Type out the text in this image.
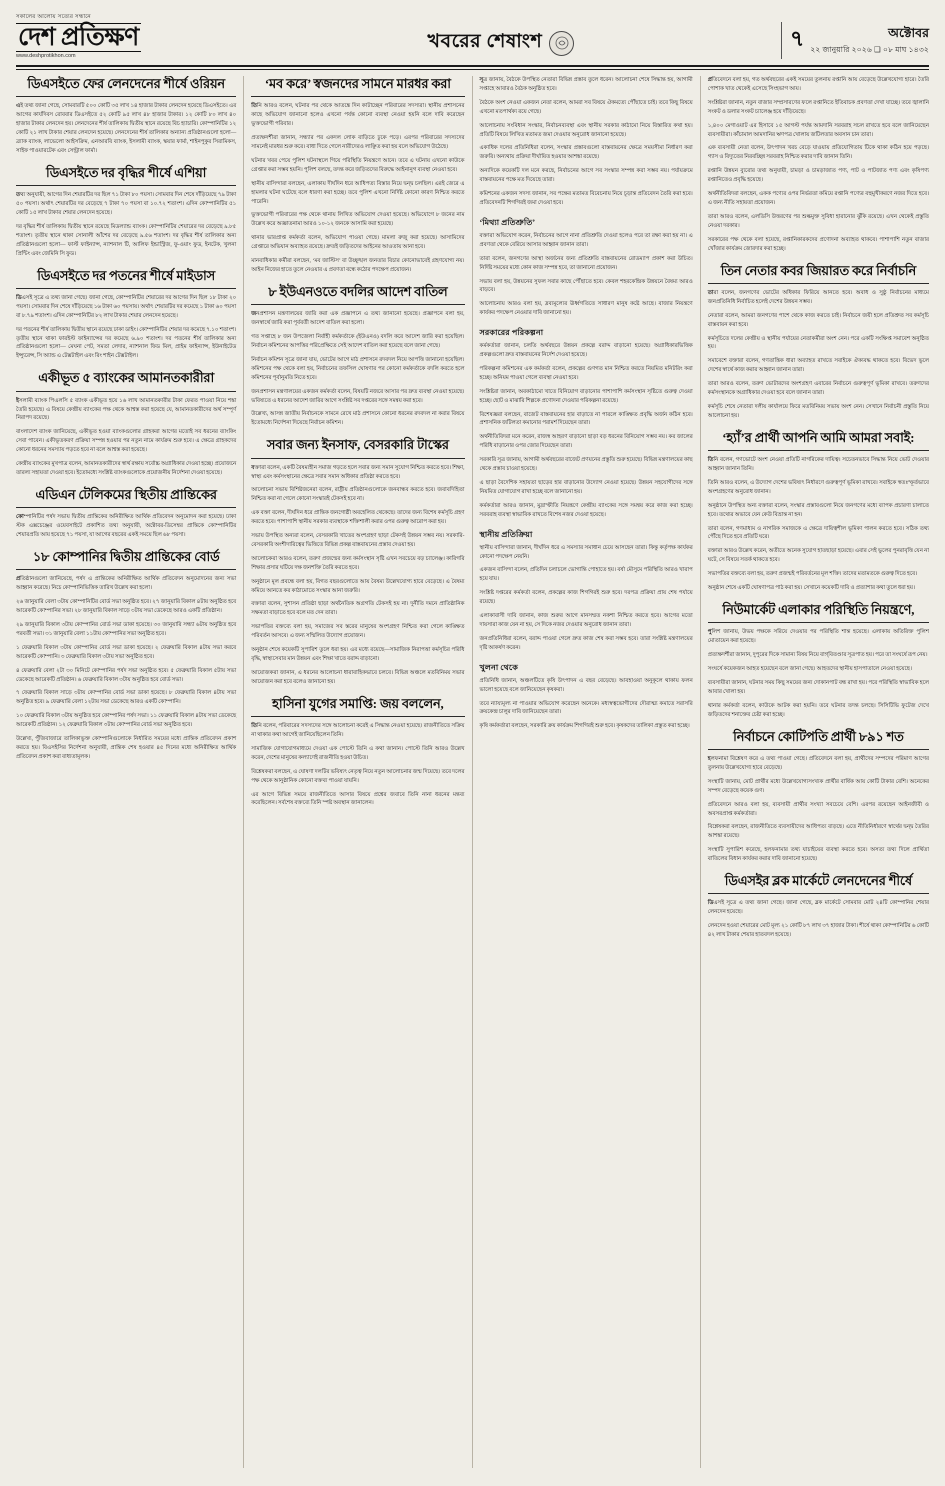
সকালের আলোয় সত্যের সন্ধানে
দেশ প্রতিক্ষণ
www.deshprotikhon.com
খবরের শেষাংশ	৭	অক্টোবর
২২ জানুয়ারি ২০২৬ ❑ ০৮ মাঘ ১৪৩২
ডিএসইতে ফের লেনদেনের শীর্ষে ওরিয়ন

এই তথ্য জানা গেছে, সোমবারটি ৫০০ কোটি ৩৫ লাখ ১৪ হাজার টাকার লেনদেন হয়েছে ডিএসইতে। এর আগের কার্যদিবস রোববার ডিএসইতে ৫২ কোটি ৯৫ লাখ ৪৮ হাজার টাকার। ১২ কোটি ৮০ লাখ ৪০ হাজার টাকার লেনদেন হয়। লেনদেনের শীর্ষ তালিকায় দ্বিতীয় স্থানে রয়েছে বিচ হ্যাচারি। কোম্পানিটির ১২ কোটি ২১ লাখ টাকার শেয়ার লেনদেন হয়েছে। লেনদেনের শীর্ষ তালিকার অন্যান্য প্রতিষ্ঠানগুলো হলো— ব্র্যাক ব্যাংক, লাভেলো আইসক্রিম, এনআরবি ব্যাংক, ইসলামী ব্যাংক, স্কয়ার ফার্মা, শাইনপুকুর সিরামিকস, সাইফ পাওয়ারটেক এবং সেন্ট্রাল ফার্মা।

ডিএসইতে দর বৃদ্ধির শীর্ষে এশিয়া

তথ্য অনুযায়ী, আগের দিন শেয়ারটির দর ছিল ৭১ টাকা ৮০ পয়সা। সোমবার দিন শেষে দাঁড়িয়েছে ৭৯ টাকা ৫০ পয়সা। অর্থাৎ শেয়ারটির দর বেড়েছে ৭ টাকা ৭০ পয়সা বা ১০.৭২ শতাংশ। এদিন কোম্পানিটির ৫১ কোটি ১৫ লাখ টাকার শেয়ার লেনদেন হয়েছে।

দর বৃদ্ধির শীর্ষ তালিকায় দ্বিতীয় স্থানে রয়েছে মিডল্যান্ড ব্যাংক। কোম্পানিটির শেয়ারের দর বেড়েছে ৯.৮৫ শতাংশ। তৃতীয় স্থানে থাকা সোনালী আঁশের দর বেড়েছে ৯.৫৬ শতাংশ। দর বৃদ্ধির শীর্ষ তালিকার অন্য প্রতিষ্ঠানগুলো হলো— ফার্স্ট ফাইন্যান্স, ন্যাশনাল টি, আলিফ ইন্ডাস্ট্রিজ, ফু-ওয়াং ফুড, ইনটেক, খুলনা প্রিন্টিং এবং জেমিনি সি ফুড।

ডিএসইতে দর পতনের শীর্ষে মাইডাস

ডিএসই সূত্রে এ তথ্য জানা গেছে। জানা গেছে, কোম্পানিটির শেয়ারের দর আগের দিন ছিল ১৮ টাকা ২০ পয়সা। সোমবার দিন শেষে দাঁড়িয়েছে ১৬ টাকা ৬০ পয়সায়। অর্থাৎ শেয়ারটির দর কমেছে ১ টাকা ৬০ পয়সা বা ৮.৭৯ শতাংশ। এদিন কোম্পানিটির ৮২ লাখ টাকার শেয়ার লেনদেন হয়েছে।

দর পতনের শীর্ষ তালিকায় দ্বিতীয় স্থানে রয়েছে ঢাকা ডাইং। কোম্পানিটির শেয়ার দর কমেছে ৭.১০ শতাংশ। তৃতীয় স্থানে থাকা ফারইস্ট ফাইন্যান্সের দর কমেছে ৬.৯০ শতাংশ। দর পতনের শীর্ষ তালিকার অন্য প্রতিষ্ঠানগুলো হলো— মেঘনা পেট, সমতা লেদার, ন্যাশনাল ফিড মিল, প্রাইম ফাইন্যান্স, ইউনাইটেড ইন্স্যুরেন্স, সি অ্যান্ড এ টেক্সটাইল এবং রিং শাইন টেক্সটাইল।

একীভূত ৫ ব্যাংকের আমানতকারীরা

ইসলামী ব্যাংক পিএলসি ৫ ব্যাংক একীভূত হয়ে ১৬ লাখ আমানতকারীর টাকা ফেরত পাওয়া নিয়ে শঙ্কা তৈরি হয়েছে। এ বিষয়ে কেন্দ্রীয় ব্যাংকের পক্ষ থেকে আশ্বস্ত করা হয়েছে যে, আমানতকারীদের অর্থ সম্পূর্ণ নিরাপদ রয়েছে।

বাংলাদেশ ব্যাংক জানিয়েছে, একীভূত হওয়া ব্যাংকগুলোর গ্রাহকরা আগের মতোই সব ধরনের ব্যাংকিং সেবা পাবেন। একীভূতকরণ প্রক্রিয়া সম্পন্ন হওয়ার পর নতুন নামে কার্যক্রম শুরু হবে। এ ক্ষেত্রে গ্রাহকদের কোনো ধরনের সমস্যায় পড়তে হবে না বলে আশ্বস্ত করা হয়েছে।

কেন্দ্রীয় ব্যাংকের মুখপাত্র বলেন, আমানতকারীদের স্বার্থ রক্ষায় সর্বোচ্চ অগ্রাধিকার দেওয়া হচ্ছে। প্রয়োজনে তারল্য সহায়তা দেওয়া হবে। ইতোমধ্যে সংশ্লিষ্ট ব্যাংকগুলোকে প্রয়োজনীয় নির্দেশনা দেওয়া হয়েছে।

এডিএন টেলিকমের স্থিতীয় প্রান্তিকের

কোম্পানিটির পর্ষদ সভায় দ্বিতীয় প্রান্তিকের অনিরীক্ষিত আর্থিক প্রতিবেদন অনুমোদন করা হয়েছে। ঢাকা স্টক এক্সচেঞ্জের ওয়েবসাইটে প্রকাশিত তথ্য অনুযায়ী, অক্টোবর-ডিসেম্বর প্রান্তিকে কোম্পানিটির শেয়ারপ্রতি আয় হয়েছে ৭১ পয়সা, যা আগের বছরের একই সময়ে ছিল ৬৮ পয়সা।

১৮ কোম্পানির দ্বিতীয় প্রান্তিকের বোর্ড

প্রতিষ্ঠানগুলো জানিয়েছে, পর্ষদ এ প্রান্তিকের অনিরীক্ষিত আর্থিক প্রতিবেদন অনুমোদনের জন্য সভা আহ্বান করেছে। নিচে কোম্পানিভিত্তিক তারিখ উল্লেখ করা হলো।

২৬ জানুয়ারি বেলা ৩টায় কোম্পানিটির বোর্ড সভা অনুষ্ঠিত হবে। ২৭ জানুয়ারি বিকাল ৪টায় অনুষ্ঠিত হবে আরেকটি কোম্পানির সভা। ২৮ জানুয়ারি বিকাল সাড়ে ৩টায় সভা ডেকেছে আরও একটি প্রতিষ্ঠান।

২৯ জানুয়ারি বিকাল ৩টায় কোম্পানির বোর্ড সভা ডাকা হয়েছে। ৩০ জানুয়ারি সন্ধ্যা ৬টায় অনুষ্ঠিত হবে পরবর্তী সভা। ৩১ জানুয়ারি বেলা ১১টায় কোম্পানির সভা অনুষ্ঠিত হবে।

১ ফেব্রুয়ারি বিকাল ৩টায় কোম্পানির বোর্ড সভা ডাকা হয়েছে। ২ ফেব্রুয়ারি বিকাল ৪টায় সভা করবে আরেকটি কোম্পানি। ৩ ফেব্রুয়ারি বিকাল ৩টায় সভা অনুষ্ঠিত হবে।

৪ ফেব্রুয়ারি বেলা ২টা ৩০ মিনিটে কোম্পানির পর্ষদ সভা অনুষ্ঠিত হবে। ৫ ফেব্রুয়ারি বিকাল ৫টায় সভা ডেকেছে আরেকটি প্রতিষ্ঠান। ৬ ফেব্রুয়ারি বিকাল ৩টায় অনুষ্ঠিত হবে বোর্ড সভা।

৭ ফেব্রুয়ারি বিকাল সাড়ে ৩টায় কোম্পানির বোর্ড সভা ডাকা হয়েছে। ৮ ফেব্রুয়ারি বিকাল ৪টায় সভা অনুষ্ঠিত হবে। ৯ ফেব্রুয়ারি বেলা ১২টায় সভা ডেকেছে আরও একটি কোম্পানি।

১০ ফেব্রুয়ারি বিকাল ৩টায় অনুষ্ঠিত হবে কোম্পানির পর্ষদ সভা। ১১ ফেব্রুয়ারি বিকাল ৪টায় সভা ডেকেছে আরেকটি প্রতিষ্ঠান। ১২ ফেব্রুয়ারি বিকাল ৩টায় কোম্পানির বোর্ড সভা অনুষ্ঠিত হবে।

উল্লেখ্য, পুঁজিবাজারে তালিকাভুক্ত কোম্পানিগুলোকে নির্ধারিত সময়ের মধ্যে প্রান্তিক প্রতিবেদন প্রকাশ করতে হয়। বিএসইসির নির্দেশনা অনুযায়ী, প্রান্তিক শেষ হওয়ার ৪৫ দিনের মধ্যে অনিরীক্ষিত আর্থিক প্রতিবেদন প্রকাশ করা বাধ্যতামূলক।

‘মব করে’ স্বজনদের সামনে মারধর করা

তিনি আরও বলেন, ঘটনার পর থেকে আতঙ্কে দিন কাটাচ্ছেন পরিবারের সদস্যরা। স্থানীয় প্রশাসনের কাছে অভিযোগ জানানো হলেও এখনো পর্যন্ত কোনো ব্যবস্থা নেওয়া হয়নি বলে দাবি করেছেন ভুক্তভোগী পরিবার।

প্রত্যক্ষদর্শীরা জানান, সন্ধ্যার পর একদল লোক বাড়িতে ঢুকে পড়ে। এরপর পরিবারের সদস্যদের সামনেই মারধর শুরু করে। বাধা দিতে গেলে নারীদেরও লাঞ্ছিত করা হয় বলে অভিযোগ উঠেছে।

ঘটনার খবর পেয়ে পুলিশ ঘটনাস্থলে গিয়ে পরিস্থিতি নিয়ন্ত্রণে আনে। তবে এ ঘটনায় এখনো কাউকে গ্রেপ্তার করা সম্ভব হয়নি। পুলিশ বলছে, তদন্ত করে জড়িতদের বিরুদ্ধে আইনানুগ ব্যবস্থা নেওয়া হবে।

স্থানীয় বাসিন্দারা বলছেন, এলাকায় দীর্ঘদিন ধরে আধিপত্য বিস্তার নিয়ে দ্বন্দ্ব চলছিল। এরই জেরে এ হামলার ঘটনা ঘটেছে বলে ধারণা করা হচ্ছে। তবে পুলিশ এখনো নির্দিষ্ট কোনো কারণ নিশ্চিত করতে পারেনি।

ভুক্তভোগী পরিবারের পক্ষ থেকে থানায় লিখিত অভিযোগ দেওয়া হয়েছে। অভিযোগে ৮ জনের নাম উল্লেখ করে অজ্ঞাতনামা আরও ১০-১২ জনকে আসামি করা হয়েছে।

থানার ভারপ্রাপ্ত কর্মকর্তা বলেন, অভিযোগ পাওয়া গেছে। মামলা রুজু করা হয়েছে। আসামিদের গ্রেপ্তারে অভিযান অব্যাহত রয়েছে। দ্রুতই জড়িতদের আইনের আওতায় আনা হবে।

মানবাধিকার কর্মীরা বলছেন, ‘মব জাস্টিস’ বা উচ্ছৃঙ্খল জনতার বিচার কোনোভাবেই গ্রহণযোগ্য নয়। আইন নিজের হাতে তুলে নেওয়ার এ প্রবণতা বন্ধে কঠোর পদক্ষেপ প্রয়োজন।

৮ ইউএনওতে বদলির আদেশ বাতিল

জনপ্রশাসন মন্ত্রণালয়ের জারি করা এক প্রজ্ঞাপনে এ তথ্য জানানো হয়েছে। প্রজ্ঞাপনে বলা হয়, জনস্বার্থে জারি করা পূর্ববর্তী আদেশ বাতিল করা হলো।

গত সপ্তাহে ৮ জন উপজেলা নির্বাহী কর্মকর্তাকে (ইউএনও) বদলি করে আদেশ জারি করা হয়েছিল। নির্বাচন কমিশনের আপত্তির পরিপ্রেক্ষিতে সেই আদেশ বাতিল করা হয়েছে বলে জানা গেছে।

নির্বাচন কমিশন সূত্রে জানা যায়, ভোটের আগে মাঠ প্রশাসনে রদবদল নিয়ে আপত্তি জানানো হয়েছিল। কমিশনের পক্ষ থেকে বলা হয়, নির্বাচনের তফসিল ঘোষণার পর কোনো কর্মকর্তাকে বদলি করতে হলে কমিশনের পূর্বানুমতি নিতে হবে।

জনপ্রশাসন মন্ত্রণালয়ের একজন কর্মকর্তা বলেন, বিষয়টি নজরে আসার পর দ্রুত ব্যবস্থা নেওয়া হয়েছে। ভবিষ্যতে এ ধরনের আদেশ জারির আগে সংশ্লিষ্ট সব দপ্তরের সঙ্গে সমন্বয় করা হবে।

উল্লেখ্য, আসন্ন জাতীয় নির্বাচনকে সামনে রেখে মাঠ প্রশাসনে কোনো ধরনের রদবদল না করার বিষয়ে ইতোমধ্যে নির্দেশনা দিয়েছে নির্বাচন কমিশন।

সবার জন্য ইনসাফ, বেসরকারি টাস্কের

বক্তারা বলেন, একটি বৈষম্যহীন সমাজ গড়তে হলে সবার জন্য সমান সুযোগ নিশ্চিত করতে হবে। শিক্ষা, স্বাস্থ্য এবং কর্মসংস্থানের ক্ষেত্রে সবার সমান অধিকার প্রতিষ্ঠা করতে হবে।

আলোচনা সভায় বিশিষ্টজনেরা বলেন, রাষ্ট্রীয় প্রতিষ্ঠানগুলোকে জনবান্ধব করতে হবে। জবাবদিহিতা নিশ্চিত করা না গেলে কোনো সংস্কারই টেকসই হবে না।

এক বক্তা বলেন, দীর্ঘদিন ধরে প্রান্তিক জনগোষ্ঠী অবহেলিত থেকেছে। তাদের জন্য বিশেষ কর্মসূচি গ্রহণ করতে হবে। পাশাপাশি স্থানীয় সরকার ব্যবস্থাকে শক্তিশালী করার ওপর গুরুত্ব আরোপ করা হয়।

সভায় উপস্থিত অন্যরা বলেন, বেসরকারি খাতের অংশগ্রহণ ছাড়া টেকসই উন্নয়ন সম্ভব নয়। সরকারি-বেসরকারি অংশীদারিত্বের ভিত্তিতে বিভিন্ন প্রকল্প বাস্তবায়নের প্রস্তাব দেওয়া হয়।

আলোচকরা আরও বলেন, তরুণ প্রজন্মের জন্য কর্মসংস্থান সৃষ্টি এখন সবচেয়ে বড় চ্যালেঞ্জ। কারিগরি শিক্ষার প্রসার ঘটিয়ে দক্ষ জনশক্তি তৈরি করতে হবে।

অনুষ্ঠানে মূল প্রবন্ধে বলা হয়, বিগত বছরগুলোতে আয় বৈষম্য উল্লেখযোগ্য হারে বেড়েছে। এ বৈষম্য কমিয়ে আনতে কর কাঠামোতে সংস্কার আনা জরুরি।

বক্তারা বলেন, সুশাসন প্রতিষ্ঠা ছাড়া অর্থনৈতিক অগ্রগতি টেকসই হয় না। দুর্নীতি দমনে প্রাতিষ্ঠানিক সক্ষমতা বাড়াতে হবে বলে মত দেন তারা।

সভাপতির বক্তব্যে বলা হয়, সমাজের সব স্তরের মানুষের অংশগ্রহণ নিশ্চিত করা গেলে কাঙ্ক্ষিত পরিবর্তন আসবে। এ জন্য সম্মিলিত উদ্যোগ প্রয়োজন।

অনুষ্ঠান শেষে কয়েকটি সুপারিশ তুলে ধরা হয়। এর মধ্যে রয়েছে—সামাজিক নিরাপত্তা কর্মসূচির পরিধি বৃদ্ধি, স্বাস্থ্যসেবার মান উন্নয়ন এবং শিক্ষা খাতে বরাদ্দ বাড়ানো।

আয়োজকরা জানান, এ ধরনের আলোচনা ধারাবাহিকভাবে চলবে। বিভিন্ন অঞ্চলে মতবিনিময় সভার আয়োজন করা হবে বলেও জানানো হয়।

হাসিনা যুগের সমাপ্তি: জয় বললেন,

তিনি বলেন, পরিবারের সদস্যদের সঙ্গে আলোচনা করেই এ সিদ্ধান্ত নেওয়া হয়েছে। রাজনীতিতে সক্রিয় না থাকার কথা আগেই জানিয়েছিলেন তিনি।

সামাজিক যোগাযোগমাধ্যমে দেওয়া এক পোস্টে তিনি এ কথা জানান। পোস্টে তিনি আরও উল্লেখ করেন, দেশের মানুষের কল্যাণেই রাজনীতি হওয়া উচিত।

বিশ্লেষকরা বলছেন, এ ঘোষণা দলটির ভবিষ্যৎ নেতৃত্ব নিয়ে নতুন আলোচনার জন্ম দিয়েছে। তবে দলের পক্ষ থেকে আনুষ্ঠানিক কোনো বক্তব্য পাওয়া যায়নি।

এর আগে বিভিন্ন সময়ে রাজনীতিতে আসার বিষয়ে প্রশ্নের জবাবে তিনি নানা ধরনের মন্তব্য করেছিলেন। সর্বশেষ বক্তব্যে তিনি স্পষ্ট অবস্থান জানালেন।

সূত্র জানায়, বৈঠকে উপস্থিত নেতারা বিভিন্ন প্রস্তাব তুলে ধরেন। আলোচনা শেষে সিদ্ধান্ত হয়, আগামী সপ্তাহে আবারও বৈঠক অনুষ্ঠিত হবে।

বৈঠকে অংশ নেওয়া একজন নেতা বলেন, আমরা সব বিষয়ে ঐকমত্যে পৌঁছাতে চাই। তবে কিছু বিষয়ে এখনো মতপার্থক্য রয়ে গেছে।

আলোচনায় সংবিধান সংস্কার, নির্বাচনব্যবস্থা এবং স্থানীয় সরকার কাঠামো নিয়ে বিস্তারিত কথা হয়। প্রতিটি বিষয়ে লিখিত মতামত জমা দেওয়ার অনুরোধ জানানো হয়েছে।

একাধিক দলের প্রতিনিধিরা বলেন, সংস্কার প্রস্তাবগুলো বাস্তবায়নের ক্ষেত্রে সময়সীমা নির্ধারণ করা জরুরি। অন্যথায় প্রক্রিয়া দীর্ঘায়িত হওয়ার আশঙ্কা রয়েছে।

অন্যদিকে কয়েকটি দল মনে করছে, নির্বাচনের আগে সব সংস্কার সম্পন্ন করা সম্ভব নয়। পর্যায়ক্রমে বাস্তবায়নের পক্ষে মত দিয়েছে তারা।

কমিশনের একজন সদস্য জানান, সব পক্ষের মতামত বিবেচনায় নিয়ে চূড়ান্ত প্রতিবেদন তৈরি করা হবে। প্রতিবেদনটি শিগগিরই জমা দেওয়া হবে।

‘মিথ্যা প্রতিশ্রুতি’

বক্তারা অভিযোগ করেন, নির্বাচনের আগে নানা প্রতিশ্রুতি দেওয়া হলেও পরে তা রক্ষা করা হয় না। এ প্রবণতা থেকে বেরিয়ে আসার আহ্বান জানান তারা।

তারা বলেন, জনগণের আস্থা অর্জনের জন্য প্রতিশ্রুতি বাস্তবায়নের রোডম্যাপ প্রকাশ করা উচিত। নির্দিষ্ট সময়ের মধ্যে কোন কাজ সম্পন্ন হবে, তা জানানো প্রয়োজন।

সভায় বলা হয়, উন্নয়নের সুফল সবার কাছে পৌঁছাতে হবে। কেবল শহরকেন্দ্রিক উন্নয়নে বৈষম্য আরও বাড়বে।

আলোচনায় আরও বলা হয়, দ্রব্যমূল্যের ঊর্ধ্বগতিতে সাধারণ মানুষ কষ্টে আছে। বাজার নিয়ন্ত্রণে কার্যকর পদক্ষেপ নেওয়ার দাবি জানানো হয়।

সরকারের পরিকল্পনা

কর্মকর্তারা জানান, চলতি অর্থবছরে উন্নয়ন প্রকল্পে বরাদ্দ বাড়ানো হয়েছে। অগ্রাধিকারভিত্তিক প্রকল্পগুলো দ্রুত বাস্তবায়নের নির্দেশ দেওয়া হয়েছে।

পরিকল্পনা কমিশনের এক কর্মকর্তা বলেন, প্রকল্পের গুণগত মান নিশ্চিত করতে নিয়মিত মনিটরিং করা হচ্ছে। অনিয়ম পাওয়া গেলে ব্যবস্থা নেওয়া হবে।

সংশ্লিষ্টরা জানান, অবকাঠামো খাতে বিনিয়োগ বাড়ানোর পাশাপাশি কর্মসংস্থান সৃষ্টিতে গুরুত্ব দেওয়া হচ্ছে। ছোট ও মাঝারি শিল্পকে প্রণোদনা দেওয়ার পরিকল্পনা রয়েছে।

বিশেষজ্ঞরা বলছেন, বাজেট বাস্তবায়নের হার বাড়াতে না পারলে কাঙ্ক্ষিত প্রবৃদ্ধি অর্জন কঠিন হবে। প্রশাসনিক জটিলতা কমানোর পরামর্শ দিয়েছেন তারা।

অর্থনীতিবিদরা মনে করেন, রাজস্ব আহরণ বাড়ানো ছাড়া বড় ধরনের বিনিয়োগ সম্ভব নয়। কর জালের পরিধি বাড়ানোর ওপর জোর দিয়েছেন তারা।

সরকারি সূত্র জানায়, আগামী অর্থবছরের বাজেট প্রণয়নের প্রস্তুতি শুরু হয়েছে। বিভিন্ন মন্ত্রণালয়ের কাছ থেকে প্রস্তাব চাওয়া হয়েছে।

এ ছাড়া বৈদেশিক সহায়তা ছাড়ের হার বাড়ানোর উদ্যোগ নেওয়া হয়েছে। উন্নয়ন সহযোগীদের সঙ্গে নিয়মিত যোগাযোগ রাখা হচ্ছে বলে জানানো হয়।

কর্মকর্তারা আরও জানান, মুদ্রাস্ফীতি নিয়ন্ত্রণে কেন্দ্রীয় ব্যাংকের সঙ্গে সমন্বয় করে কাজ করা হচ্ছে। সরবরাহ ব্যবস্থা স্বাভাবিক রাখতে বিশেষ নজর দেওয়া হয়েছে।

স্থানীয় প্রতিক্রিয়া

স্থানীয় বাসিন্দারা জানান, দীর্ঘদিন ধরে এ সমস্যার সমাধান চেয়ে আসছেন তারা। কিন্তু কর্তৃপক্ষ কার্যকর কোনো পদক্ষেপ নেয়নি।

একজন বাসিন্দা বলেন, প্রতিদিন চলাচলে ভোগান্তি পোহাতে হয়। বর্ষা মৌসুমে পরিস্থিতি আরও খারাপ হয়ে যায়।

সংশ্লিষ্ট দপ্তরের কর্মকর্তা বলেন, প্রকল্পের কাজ শিগগিরই শুরু হবে। দরপত্র প্রক্রিয়া প্রায় শেষ পর্যায়ে রয়েছে।

এলাকাবাসী দাবি জানান, কাজ শুরুর আগে মানসম্মত নকশা নিশ্চিত করতে হবে। আগের মতো দায়সারা কাজ যেন না হয়, সে দিকে নজর দেওয়ার অনুরোধ জানান তারা।

জনপ্রতিনিধিরা বলেন, বরাদ্দ পাওয়া গেলে দ্রুত কাজ শেষ করা সম্ভব হবে। তারা সংশ্লিষ্ট মন্ত্রণালয়ের দৃষ্টি আকর্ষণ করেন।

খুলনা থেকে

প্রতিনিধি জানান, অঞ্চলটিতে কৃষি উৎপাদন এ বছর বেড়েছে। আবহাওয়া অনুকূলে থাকায় ফলন ভালো হয়েছে বলে জানিয়েছেন কৃষকরা।

তবে ন্যায্যমূল্য না পাওয়ার অভিযোগ করেছেন অনেকে। মধ্যস্বত্বভোগীদের দৌরাত্ম্য কমাতে সরাসরি ক্রয়কেন্দ্র চালুর দাবি জানিয়েছেন তারা।

কৃষি কর্মকর্তারা বলছেন, সরকারি ক্রয় কার্যক্রম শিগগিরই শুরু হবে। কৃষকদের তালিকা প্রস্তুত করা হচ্ছে।

প্রতিবেদনে বলা হয়, গত অর্থবছরের একই সময়ের তুলনায় রপ্তানি আয় বেড়েছে উল্লেখযোগ্য হারে। তৈরি পোশাক খাত থেকেই এসেছে সিংহভাগ আয়।

সংশ্লিষ্টরা জানান, নতুন বাজার সম্প্রসারণের ফলে রপ্তানিতে ইতিবাচক প্রবণতা দেখা যাচ্ছে। তবে জ্বালানি সংকট ও ডলার সংকট চ্যালেঞ্জ হয়ে দাঁড়িয়েছে।

১,৪০০ মেগাওয়াট এর হিসাবে ১৫ আগস্ট পর্যন্ত আমদানি সরবরাহ সচল রাখতে হবে বলে জানিয়েছেন ব্যবসায়ীরা। কাঁচামাল আমদানির ঋণপত্র খোলায় জটিলতার অবসান চান তারা।

এক ব্যবসায়ী নেতা বলেন, উৎপাদন খরচ বেড়ে যাওয়ায় প্রতিযোগিতায় টিকে থাকা কঠিন হয়ে পড়ছে। গ্যাস ও বিদ্যুতের নিরবচ্ছিন্ন সরবরাহ নিশ্চিত করার দাবি জানান তিনি।

রপ্তানি উন্নয়ন ব্যুরোর তথ্য অনুযায়ী, চামড়া ও চামড়াজাত পণ্য, পাট ও পাটজাত পণ্য এবং কৃষিপণ্য রপ্তানিতেও প্রবৃদ্ধি হয়েছে।

অর্থনীতিবিদরা বলছেন, একক পণ্যের ওপর নির্ভরতা কমিয়ে রপ্তানি পণ্যের বহুমুখীকরণে নজর দিতে হবে। এ জন্য নীতি সহায়তা প্রয়োজন।

তারা আরও বলেন, এলডিসি উত্তরণের পর শুল্কমুক্ত সুবিধা হারানোর ঝুঁকি রয়েছে। এখন থেকেই প্রস্তুতি নেওয়া দরকার।

সরকারের পক্ষ থেকে বলা হয়েছে, রপ্তানিকারকদের প্রণোদনা অব্যাহত থাকবে। পাশাপাশি নতুন বাজার খোঁজার কার্যক্রম জোরদার করা হচ্ছে।

তিন নেতার কবর জিয়ারত করে নির্বাচনি

তারা বলেন, জনগণের ভোটের অধিকার ফিরিয়ে আনতে হবে। অবাধ ও সুষ্ঠু নির্বাচনের মাধ্যমে জনপ্রতিনিধি নির্বাচিত হলেই দেশের উন্নয়ন সম্ভব।

নেতারা বলেন, আমরা জনগণের পাশে থেকে কাজ করতে চাই। নির্বাচনে জয়ী হলে প্রতিশ্রুত সব কর্মসূচি বাস্তবায়ন করা হবে।

কর্মসূচিতে দলের কেন্দ্রীয় ও স্থানীয় পর্যায়ের নেতাকর্মীরা অংশ নেন। পরে একটি সংক্ষিপ্ত সমাবেশ অনুষ্ঠিত হয়।

সমাবেশে বক্তারা বলেন, গণতান্ত্রিক ধারা অব্যাহত রাখতে সবাইকে ঐক্যবদ্ধ থাকতে হবে। বিভেদ ভুলে দেশের স্বার্থে কাজ করার আহ্বান জানান তারা।

তারা আরও বলেন, তরুণ ভোটারদের অংশগ্রহণ এবারের নির্বাচনে গুরুত্বপূর্ণ ভূমিকা রাখবে। তরুণদের কর্মসংস্থানকে অগ্রাধিকার দেওয়া হবে বলে জানান তারা।

কর্মসূচি শেষে নেতারা দলীয় কার্যালয়ে ফিরে মতবিনিময় সভায় অংশ নেন। সেখানে নির্বাচনী প্রস্তুতি নিয়ে আলোচনা হয়।

‘হ্যাঁ’র প্রার্থী আপনি আমি আমরা সবাই:

তিনি বলেন, গণভোটে অংশ নেওয়া প্রতিটি নাগরিকের দায়িত্ব। সচেতনভাবে সিদ্ধান্ত নিয়ে ভোট দেওয়ার আহ্বান জানান তিনি।

তিনি আরও বলেন, এ উদ্যোগ দেশের ভবিষ্যৎ নির্ধারণে গুরুত্বপূর্ণ ভূমিকা রাখবে। সবাইকে স্বতঃস্ফূর্তভাবে অংশগ্রহণের অনুরোধ জানান।

অনুষ্ঠানে উপস্থিত অন্য বক্তারা বলেন, সংস্কার প্রস্তাবগুলো নিয়ে জনগণের মধ্যে ব্যাপক প্রচারণা চালাতে হবে। তথ্যের অভাবে যেন কেউ বিভ্রান্ত না হন।

তারা বলেন, গণমাধ্যম ও নাগরিক সমাজকে এ ক্ষেত্রে দায়িত্বশীল ভূমিকা পালন করতে হবে। সঠিক তথ্য পৌঁছে দিতে হবে প্রতিটি ঘরে।

বক্তারা আরও উল্লেখ করেন, অতীতে অনেক সুযোগ হাতছাড়া হয়েছে। এবার সেই ভুলের পুনরাবৃত্তি যেন না ঘটে, সে বিষয়ে সতর্ক থাকতে হবে।

সভাপতির বক্তব্যে বলা হয়, তরুণ প্রজন্মই পরিবর্তনের মূল শক্তি। তাদের মতামতকে গুরুত্ব দিতে হবে।

অনুষ্ঠান শেষে একটি ঘোষণাপত্র পাঠ করা হয়। সেখানে কয়েকটি দাবি ও প্রত্যাশার কথা তুলে ধরা হয়।

নিউমার্কেট এলাকার পরিস্থিতি নিয়ন্ত্রণে,

পুলিশ জানায়, উভয় পক্ষকে সরিয়ে দেওয়ার পর পরিস্থিতি শান্ত হয়েছে। এলাকায় অতিরিক্ত পুলিশ মোতায়েন করা হয়েছে।

প্রত্যক্ষদর্শীরা জানান, দুপুরের দিকে সামান্য বিষয় নিয়ে বাগ্‌বিতণ্ডার সূত্রপাত হয়। পরে তা সংঘর্ষে রূপ নেয়।

সংঘর্ষে কয়েকজন আহত হয়েছেন বলে জানা গেছে। আহতদের স্থানীয় হাসপাতালে নেওয়া হয়েছে।

ব্যবসায়ীরা জানান, ঘটনার সময় কিছু সময়ের জন্য দোকানপাট বন্ধ রাখা হয়। পরে পরিস্থিতি স্বাভাবিক হলে আবার খোলা হয়।

থানার কর্মকর্তা বলেন, কাউকে আটক করা হয়নি। তবে ঘটনার তদন্ত চলছে। সিসিটিভি ফুটেজ দেখে জড়িতদের শনাক্তের চেষ্টা করা হচ্ছে।

নির্বাচনে কোটিপতি প্রার্থী ৮৯১ শত

হলফনামা বিশ্লেষণ করে এ তথ্য পাওয়া গেছে। প্রতিবেদনে বলা হয়, প্রার্থীদের সম্পদের পরিমাণ আগের তুলনায় উল্লেখযোগ্য হারে বেড়েছে।

সংস্থাটি জানায়, মোট প্রার্থীর মধ্যে উল্লেখযোগ্যসংখ্যক প্রার্থীর বার্ষিক আয় কোটি টাকার বেশি। অনেকের সম্পদ বেড়েছে কয়েক গুণ।

প্রতিবেদনে আরও বলা হয়, ব্যবসায়ী প্রার্থীর সংখ্যা সবচেয়ে বেশি। এরপর রয়েছেন আইনজীবী ও অবসরপ্রাপ্ত কর্মকর্তারা।

বিশ্লেষকরা বলছেন, রাজনীতিতে ব্যবসায়ীদের আধিপত্য বাড়ছে। এতে নীতিনির্ধারণে স্বার্থের দ্বন্দ্ব তৈরির আশঙ্কা রয়েছে।

সংস্থাটি সুপারিশ করেছে, হলফনামার তথ্য যাচাইয়ের ব্যবস্থা করতে হবে। অসত্য তথ্য দিলে প্রার্থিতা বাতিলের বিধান কার্যকর করার দাবি জানানো হয়েছে।

ডিএসইর ব্লক মার্কেটে লেনদেনের শীর্ষে

ডিএসই সূত্রে এ তথ্য জানা গেছে। জানা গেছে, ব্লক মার্কেটে সোমবার মোট ২৪টি কোম্পানির শেয়ার লেনদেন হয়েছে।

লেনদেন হওয়া শেয়ারের মোট মূল্য ২১ কোটি ৮৭ লাখ ৩৭ হাজার টাকা। শীর্ষে থাকা কোম্পানিটির ৬ কোটি ৪২ লাখ টাকার শেয়ার হাতবদল হয়েছে।
